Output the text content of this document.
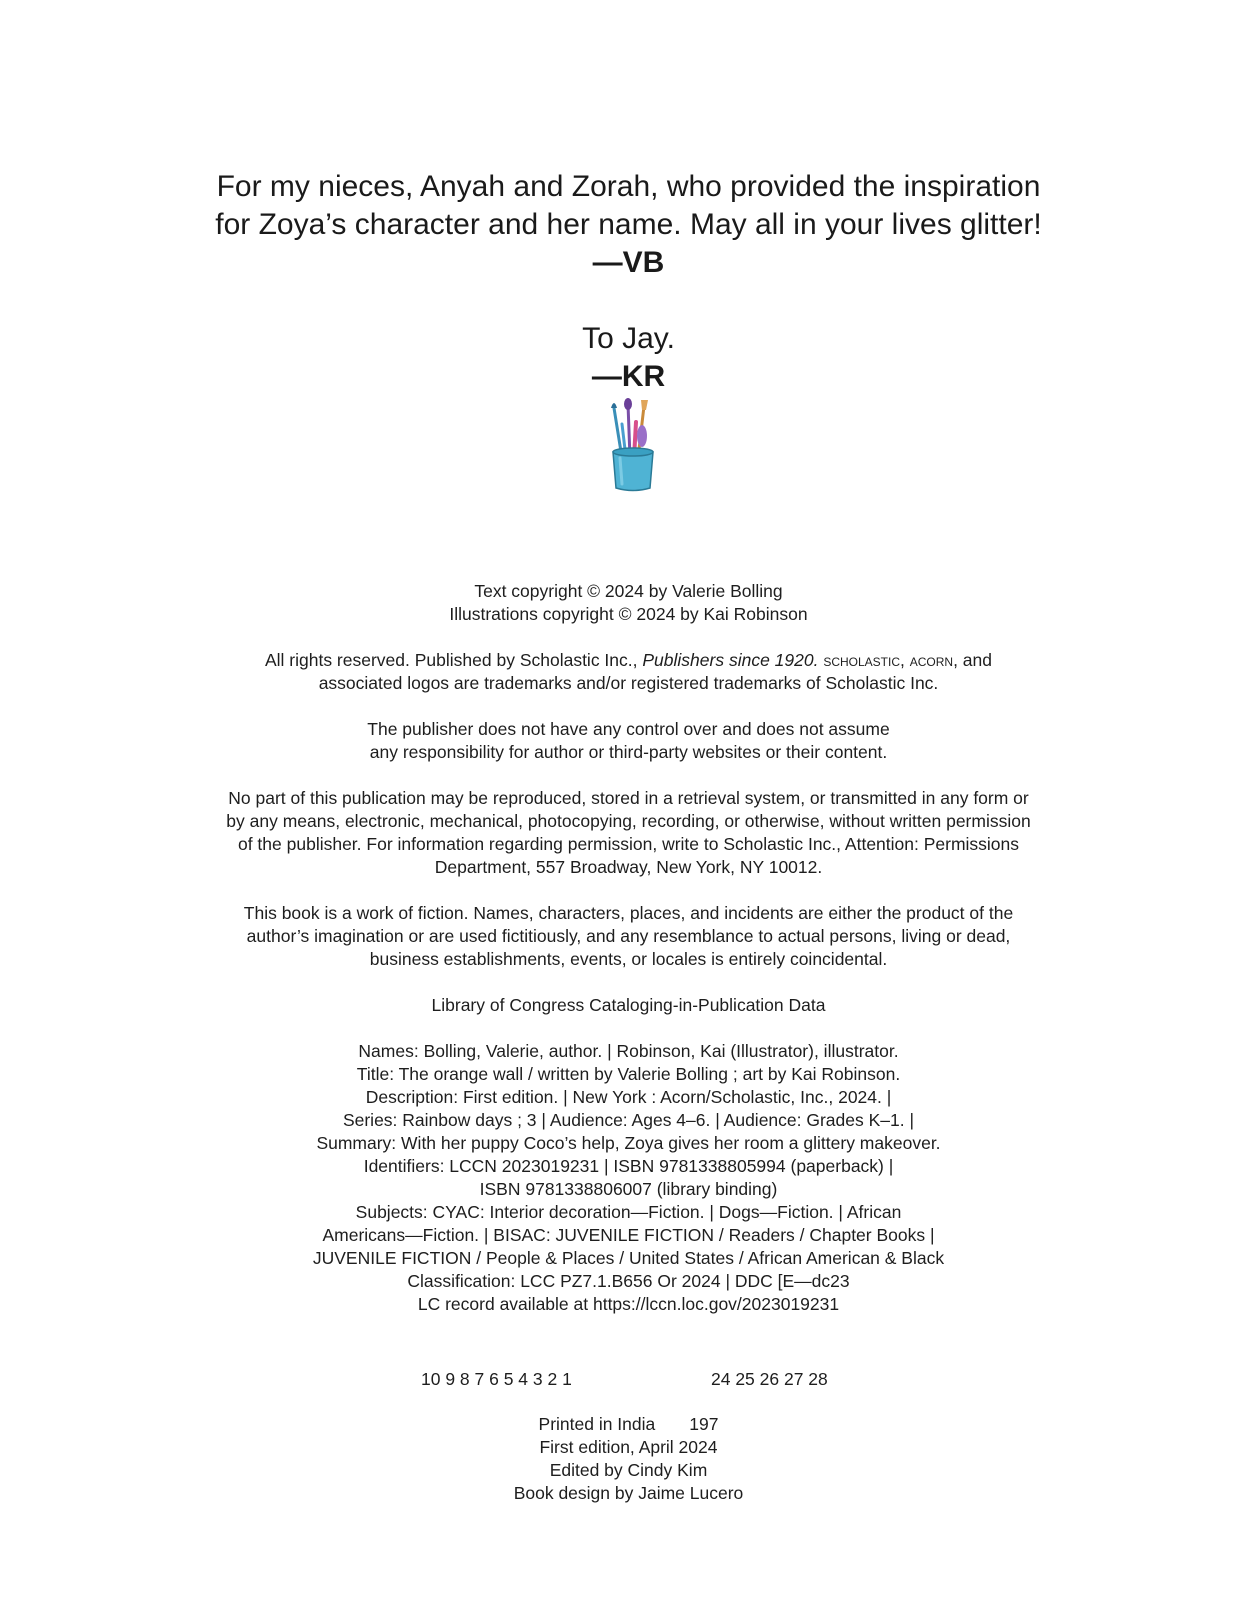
For my nieces, Anyah and Zorah, who provided the inspiration
for Zoya’s character and her name. May all in your lives glitter!
—VB
To Jay.
—KR

Text copyright © 2024 by Valerie Bolling
Illustrations copyright © 2024 by Kai Robinson

All rights reserved. Published by Scholastic Inc., Publishers since 1920. scholastic, acorn, and
associated logos are trademarks and/or registered trademarks of Scholastic Inc.

The publisher does not have any control over and does not assume
any responsibility for author or third-party websites or their content.

No part of this publication may be reproduced, stored in a retrieval system, or transmitted in any form or
by any means, electronic, mechanical, photocopying, recording, or otherwise, without written permission
of the publisher. For information regarding permission, write to Scholastic Inc., Attention: Permissions
Department, 557 Broadway, New York, NY 10012.

This book is a work of fiction. Names, characters, places, and incidents are either the product of the
author’s imagination or are used fictitiously, and any resemblance to actual persons, living or dead,
business establishments, events, or locales is entirely coincidental.

Library of Congress Cataloging-in-Publication Data

Names: Bolling, Valerie, author. | Robinson, Kai (Illustrator), illustrator.
Title: The orange wall / written by Valerie Bolling ; art by Kai Robinson.
Description: First edition. | New York : Acorn/Scholastic, Inc., 2024. |
Series: Rainbow days ; 3 | Audience: Ages 4–6. | Audience: Grades K–1. |
Summary: With her puppy Coco’s help, Zoya gives her room a glittery makeover.
Identifiers: LCCN 2023019231 | ISBN 9781338805994 (paperback) |
ISBN 9781338806007 (library binding)
Subjects: CYAC: Interior decoration—Fiction. | Dogs—Fiction. | African
Americans—Fiction. | BISAC: JUVENILE FICTION / Readers / Chapter Books |
JUVENILE FICTION / People & Places / United States / African American & Black
Classification: LCC PZ7.1.B656 Or 2024 | DDC [E—dc23
LC record available at https://lccn.loc.gov/2023019231

10 9 8 7 6 5 4 3 2 1	24 25 26 27 28
Printed in India 197
First edition, April 2024
Edited by Cindy Kim
Book design by Jaime Lucero
